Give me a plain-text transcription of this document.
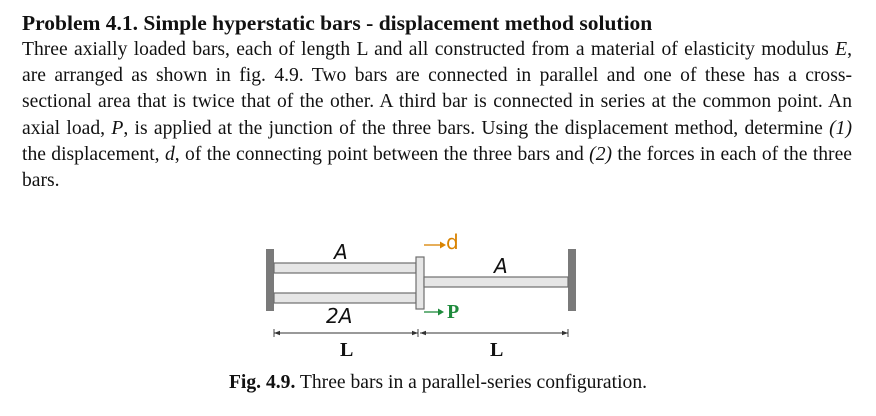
Problem 4.1. Simple hyperstatic bars - displacement method solution

Three axially loaded bars, each of length L and all constructed from a material of elasticity modulus E, are arranged as shown in fig. 4.9. Two bars are connected in parallel and one of these has a cross-sectional area that is twice that of the other. A third bar is connected in series at the common point. An axial load, P, is applied at the junction of the three bars. Using the displacement method, determine (1) the displacement, d, of the connecting point between the three bars and (2) the forces in each of the three bars.

A
2A
A
d
P
L	L
Fig. 4.9. Three bars in a parallel-series configuration.
